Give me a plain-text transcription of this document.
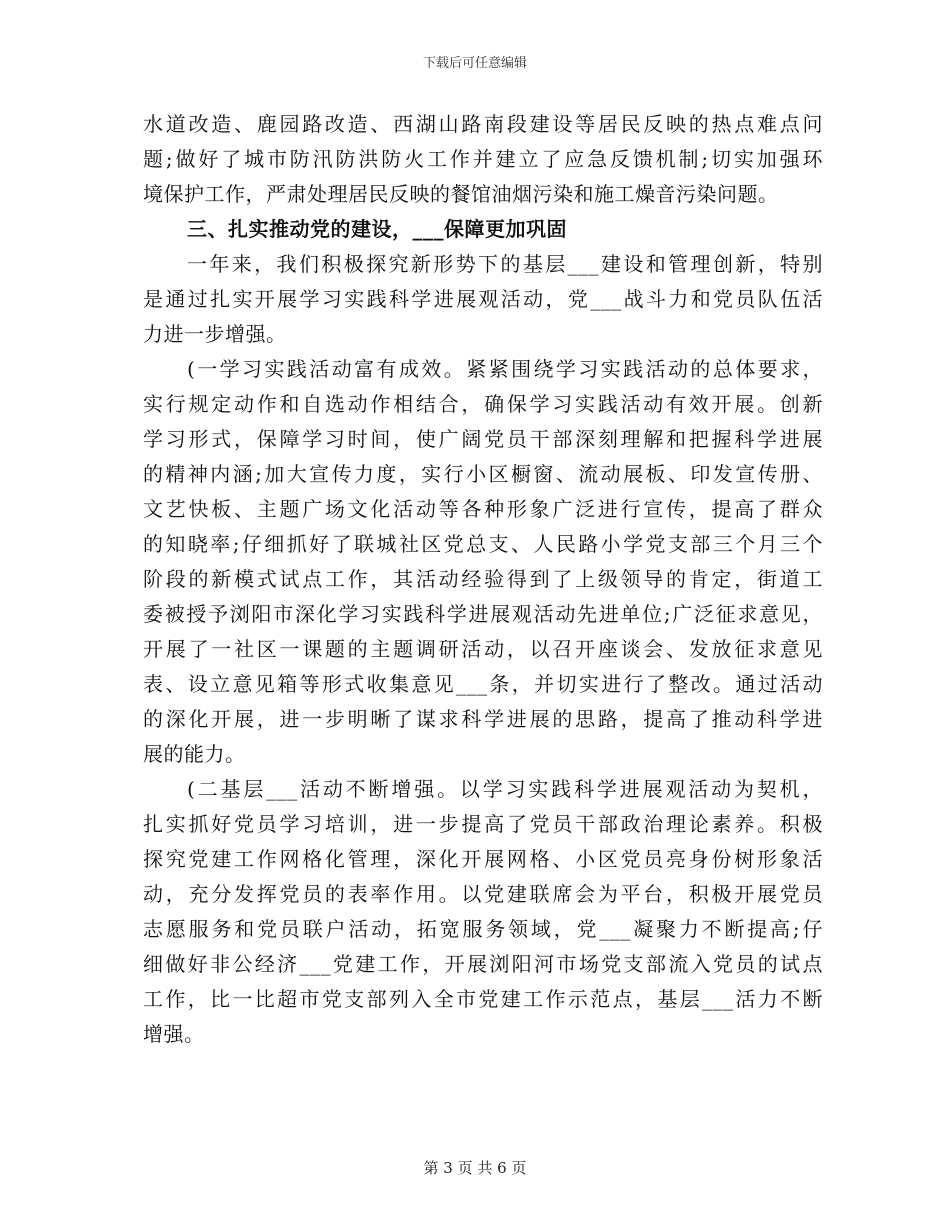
下载后可任意编辑
水道改造、鹿园路改造、西湖山路南段建设等居民反映的热点难点问
题;做好了城市防汛防洪防火工作并建立了应急反馈机制;切实加强环
境保护工作，严肃处理居民反映的餐馆油烟污染和施工燥音污染问题。
三、扎实推动党的建设，___保障更加巩固
一年来，我们积极探究新形势下的基层___建设和管理创新，特别
是通过扎实开展学习实践科学进展观活动，党___战斗力和党员队伍活
力进一步增强。
(一学习实践活动富有成效。紧紧围绕学习实践活动的总体要求，
实行规定动作和自选动作相结合，确保学习实践活动有效开展。创新
学习形式，保障学习时间，使广阔党员干部深刻理解和把握科学进展
的精神内涵;加大宣传力度，实行小区橱窗、流动展板、印发宣传册、
文艺快板、主题广场文化活动等各种形象广泛进行宣传，提高了群众
的知晓率;仔细抓好了联城社区党总支、人民路小学党支部三个月三个
阶段的新模式试点工作，其活动经验得到了上级领导的肯定，街道工
委被授予浏阳市深化学习实践科学进展观活动先进单位;广泛征求意见，
开展了一社区一课题的主题调研活动，以召开座谈会、发放征求意见
表、设立意见箱等形式收集意见___条，并切实进行了整改。通过活动
的深化开展，进一步明晰了谋求科学进展的思路，提高了推动科学进
展的能力。
(二基层___活动不断增强。以学习实践科学进展观活动为契机，
扎实抓好党员学习培训，进一步提高了党员干部政治理论素养。积极
探究党建工作网格化管理，深化开展网格、小区党员亮身份树形象活
动，充分发挥党员的表率作用。以党建联席会为平台，积极开展党员
志愿服务和党员联户活动，拓宽服务领域，党___凝聚力不断提高;仔
细做好非公经济___党建工作，开展浏阳河市场党支部流入党员的试点
工作，比一比超市党支部列入全市党建工作示范点，基层___活力不断
增强。
第 3 页 共 6 页
